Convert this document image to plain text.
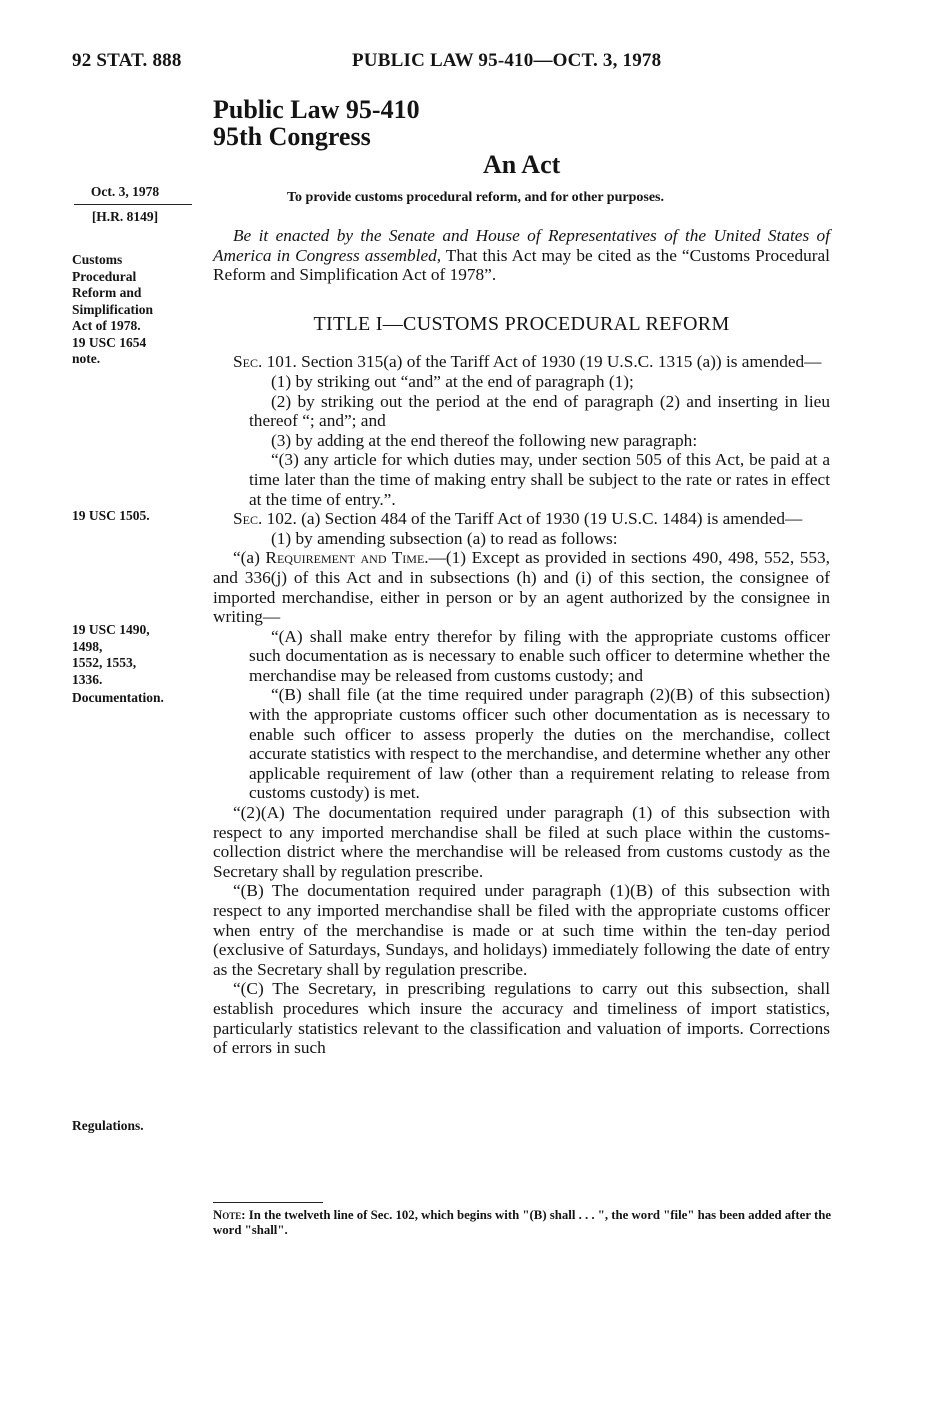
92 STAT. 888	PUBLIC LAW 95-410—OCT. 3, 1978
Public Law 95-410
95th Congress
An Act
To provide customs procedural reform, and for other purposes.
Oct. 3, 1978
[H.R. 8149]
Customs
Procedural
Reform and
Simplification
Act of 1978.
19 USC 1654
note.
19 USC 1505.
19 USC 1490,
1498,
1552, 1553,
1336.
Documentation.
Regulations.

Be it enacted by the Senate and House of Representatives of the United States of America in Congress assembled, That this Act may be cited as the “Customs Procedural Reform and Simplification Act of 1978”.

TITLE I—CUSTOMS PROCEDURAL REFORM

Sec. 101. Section 315(a) of the Tariff Act of 1930 (19 U.S.C. 1315 (a)) is amended—

(1) by striking out “and” at the end of paragraph (1);

(2) by striking out the period at the end of paragraph (2) and inserting in lieu thereof “; and”; and

(3) by adding at the end thereof the following new paragraph:

“(3) any article for which duties may, under section 505 of this Act, be paid at a time later than the time of making entry shall be subject to the rate or rates in effect at the time of entry.”.

Sec. 102. (a) Section 484 of the Tariff Act of 1930 (19 U.S.C. 1484) is amended—

(1) by amending subsection (a) to read as follows:

“(a) Requirement and Time.—(1) Except as provided in sections 490, 498, 552, 553, and 336(j) of this Act and in subsections (h) and (i) of this section, the consignee of imported merchandise, either in person or by an agent authorized by the consignee in writing—

“(A) shall make entry therefor by filing with the appropriate customs officer such documentation as is necessary to enable such officer to determine whether the merchandise may be released from customs custody; and

“(B) shall file (at the time required under paragraph (2)(B) of this subsection) with the appropriate customs officer such other documentation as is necessary to enable such officer to assess properly the duties on the merchandise, collect accurate statistics with respect to the merchandise, and determine whether any other applicable requirement of law (other than a requirement relating to release from customs custody) is met.

“(2)(A) The documentation required under paragraph (1) of this subsection with respect to any imported merchandise shall be filed at such place within the customs-collection district where the merchandise will be released from customs custody as the Secretary shall by regulation prescribe.

“(B) The documentation required under paragraph (1)(B) of this subsection with respect to any imported merchandise shall be filed with the appropriate customs officer when entry of the merchandise is made or at such time within the ten-day period (exclusive of Saturdays, Sundays, and holidays) immediately following the date of entry as the Secretary shall by regulation prescribe.

“(C) The Secretary, in prescribing regulations to carry out this subsection, shall establish procedures which insure the accuracy and timeliness of import statistics, particularly statistics relevant to the classification and valuation of imports. Corrections of errors in such

Note: In the twelveth line of Sec. 102, which begins with "(B) shall . . . ", the word "file" has been added after the word "shall".
